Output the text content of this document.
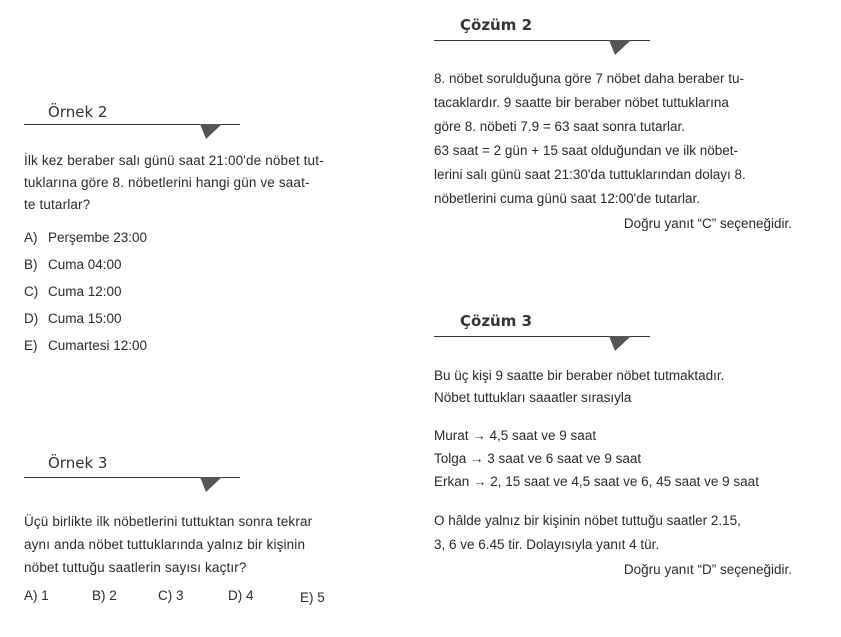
Örnek 2
İlk kez beraber salı günü saat 21:00'de nöbet tut-
tuklarına göre 8. nöbetlerini hangi gün ve saat-
te tutarlar?
A) Perşembe 23:00
B) Cuma 04:00
C) Cuma 12:00
D) Cuma 15:00
E) Cumartesi 12:00
Örnek 3
Üçü birlikte ilk nöbetlerini tuttuktan sonra tekrar
aynı anda nöbet tuttuklarında yalnız bir kişinin
nöbet tuttuğu saatlerin sayısı kaçtır?
A) 1	B) 2	C) 3	D) 4	E) 5
Çözüm 2
8. nöbet sorulduğuna göre 7 nöbet daha beraber tu-
tacaklardır. 9 saatte bir beraber nöbet tuttuklarına
göre 8. nöbeti 7.9 = 63 saat sonra tutarlar.
63 saat = 2 gün + 15 saat olduğundan ve ilk nöbet-
lerini salı günü saat 21:30'da tuttuklarından dolayı 8.
nöbetlerini cuma günü saat 12:00'de tutarlar.
Doğru yanıt “C” seçeneğidir.
Çözüm 3
Bu üç kişi 9 saatte bir beraber nöbet tutmaktadır.
Nöbet tuttukları saaatler sırasıyla
Murat → 4,5 saat ve 9 saat
Tolga → 3 saat ve 6 saat ve 9 saat
Erkan → 2, 15 saat ve 4,5 saat ve 6, 45 saat ve 9 saat
O hâlde yalnız bir kişinin nöbet tuttuğu saatler 2.15,
3, 6 ve 6.45 tir. Dolayısıyla yanıt 4 tür.
Doğru yanıt “D” seçeneğidir.
